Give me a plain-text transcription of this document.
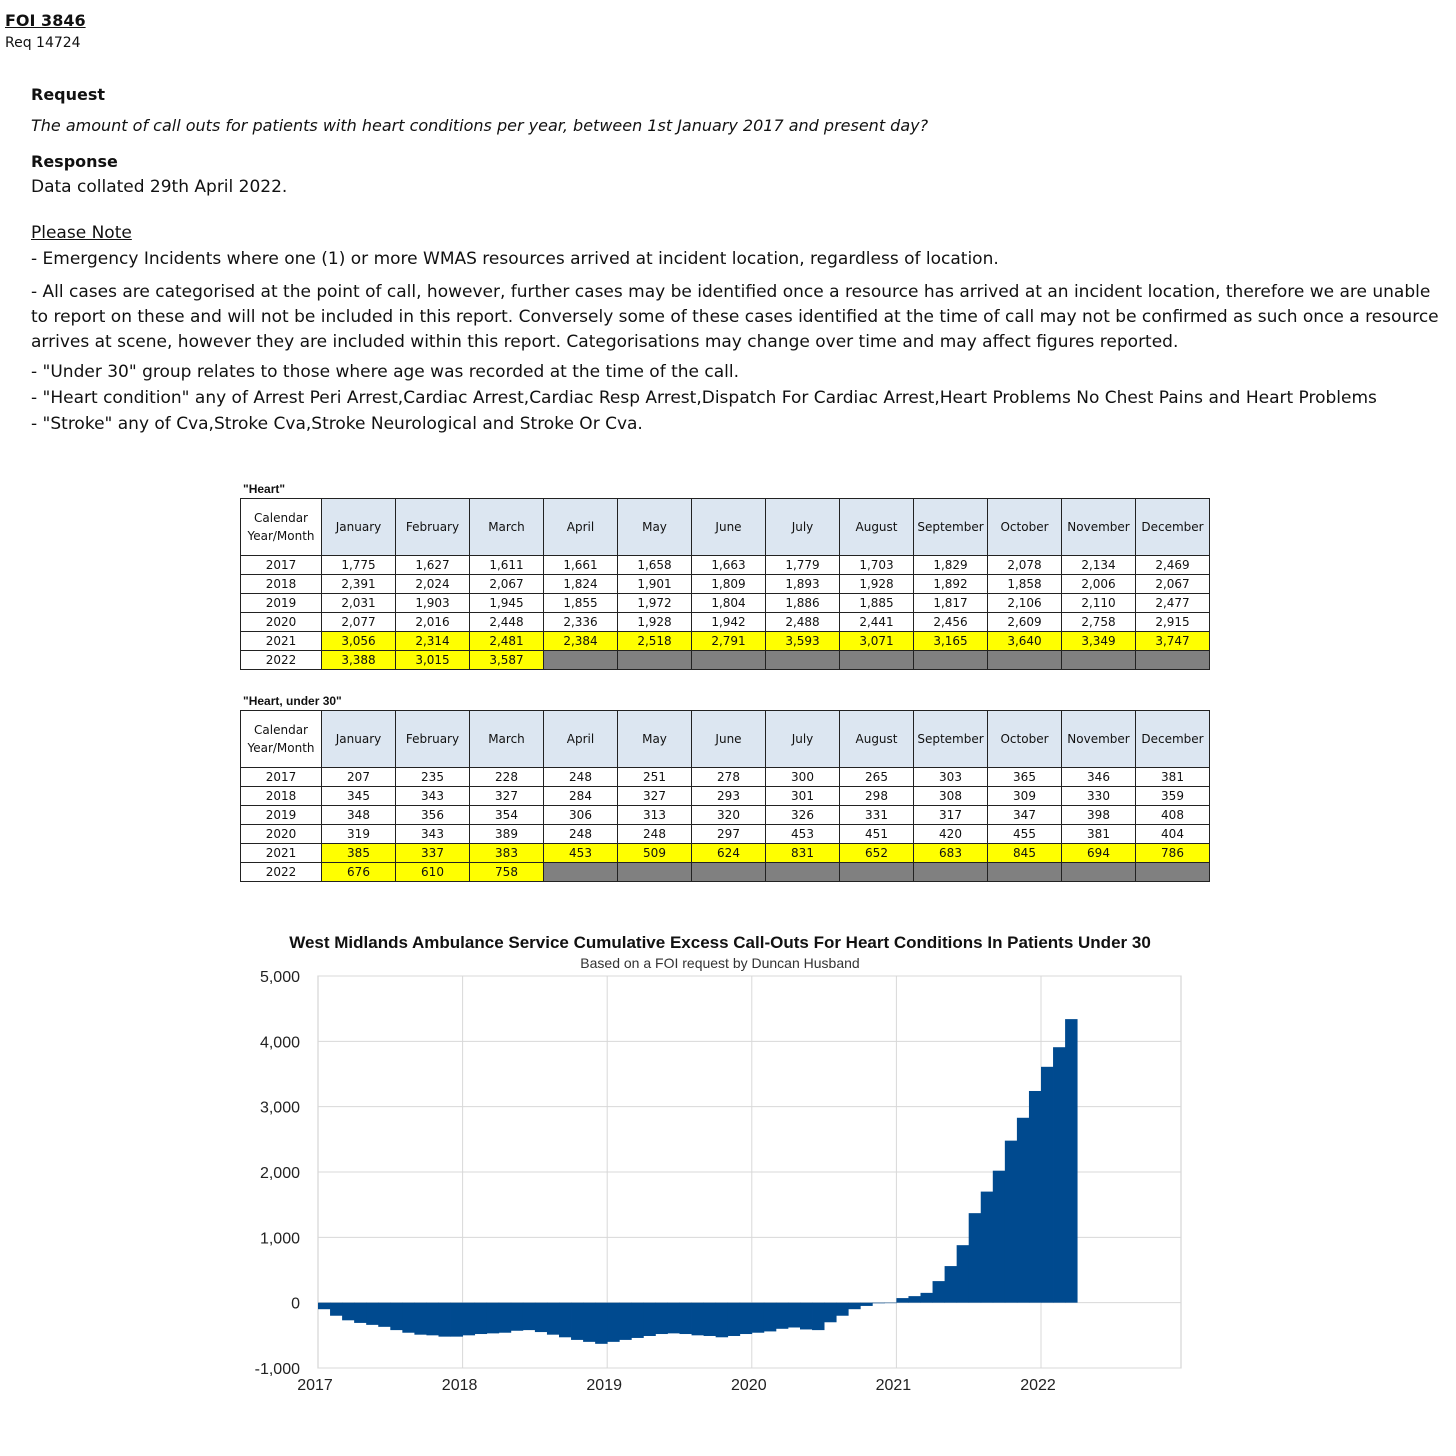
FOI 3846
Req 14724
Request
The amount of call outs for patients with heart conditions per year, between 1st January 2017 and present day?
Response
Data collated 29th April 2022.
Please Note
- Emergency Incidents where one (1) or more WMAS resources arrived at incident location, regardless of location.
- All cases are categorised at the point of call, however, further cases may be identified once a resource has arrived at an incident location, therefore we are unable to report on these and will not be included in this report. Conversely some of these cases identified at the time of call may not be confirmed as such once a resource arrives at scene, however they are included within this report. Categorisations may change over time and may affect figures reported.
- "Under 30" group relates to those where age was recorded at the time of the call.
- "Heart condition" any of Arrest Peri Arrest,Cardiac Arrest,Cardiac Resp Arrest,Dispatch For Cardiac Arrest,Heart Problems No Chest Pains and Heart Problems
- "Stroke" any of Cva,Stroke Cva,Stroke Neurological and Stroke Or Cva.
"Heart"
Calendar Year/Month	January	February	March	April	May	June	July	August	September	October	November	December
2017	1,775	1,627	1,611	1,661	1,658	1,663	1,779	1,703	1,829	2,078	2,134	2,469
2018	2,391	2,024	2,067	1,824	1,901	1,809	1,893	1,928	1,892	1,858	2,006	2,067
2019	2,031	1,903	1,945	1,855	1,972	1,804	1,886	1,885	1,817	2,106	2,110	2,477
2020	2,077	2,016	2,448	2,336	1,928	1,942	2,488	2,441	2,456	2,609	2,758	2,915
2021	3,056	2,314	2,481	2,384	2,518	2,791	3,593	3,071	3,165	3,640	3,349	3,747
2022	3,388	3,015	3,587									
"Heart, under 30"
Calendar Year/Month	January	February	March	April	May	June	July	August	September	October	November	December
2017	207	235	228	248	251	278	300	265	303	365	346	381
2018	345	343	327	284	327	293	301	298	308	309	330	359
2019	348	356	354	306	313	320	326	331	317	347	398	408
2020	319	343	389	248	248	297	453	451	420	455	381	404
2021	385	337	383	453	509	624	831	652	683	845	694	786
2022	676	610	758									
5,000
4,000
3,000
2,000
1,000
0
-1,000
2017	2018	2019	2020	2021	2022
West Midlands Ambulance Service Cumulative Excess Call-Outs For Heart Conditions In Patients Under 30
Based on a FOI request by Duncan Husband
